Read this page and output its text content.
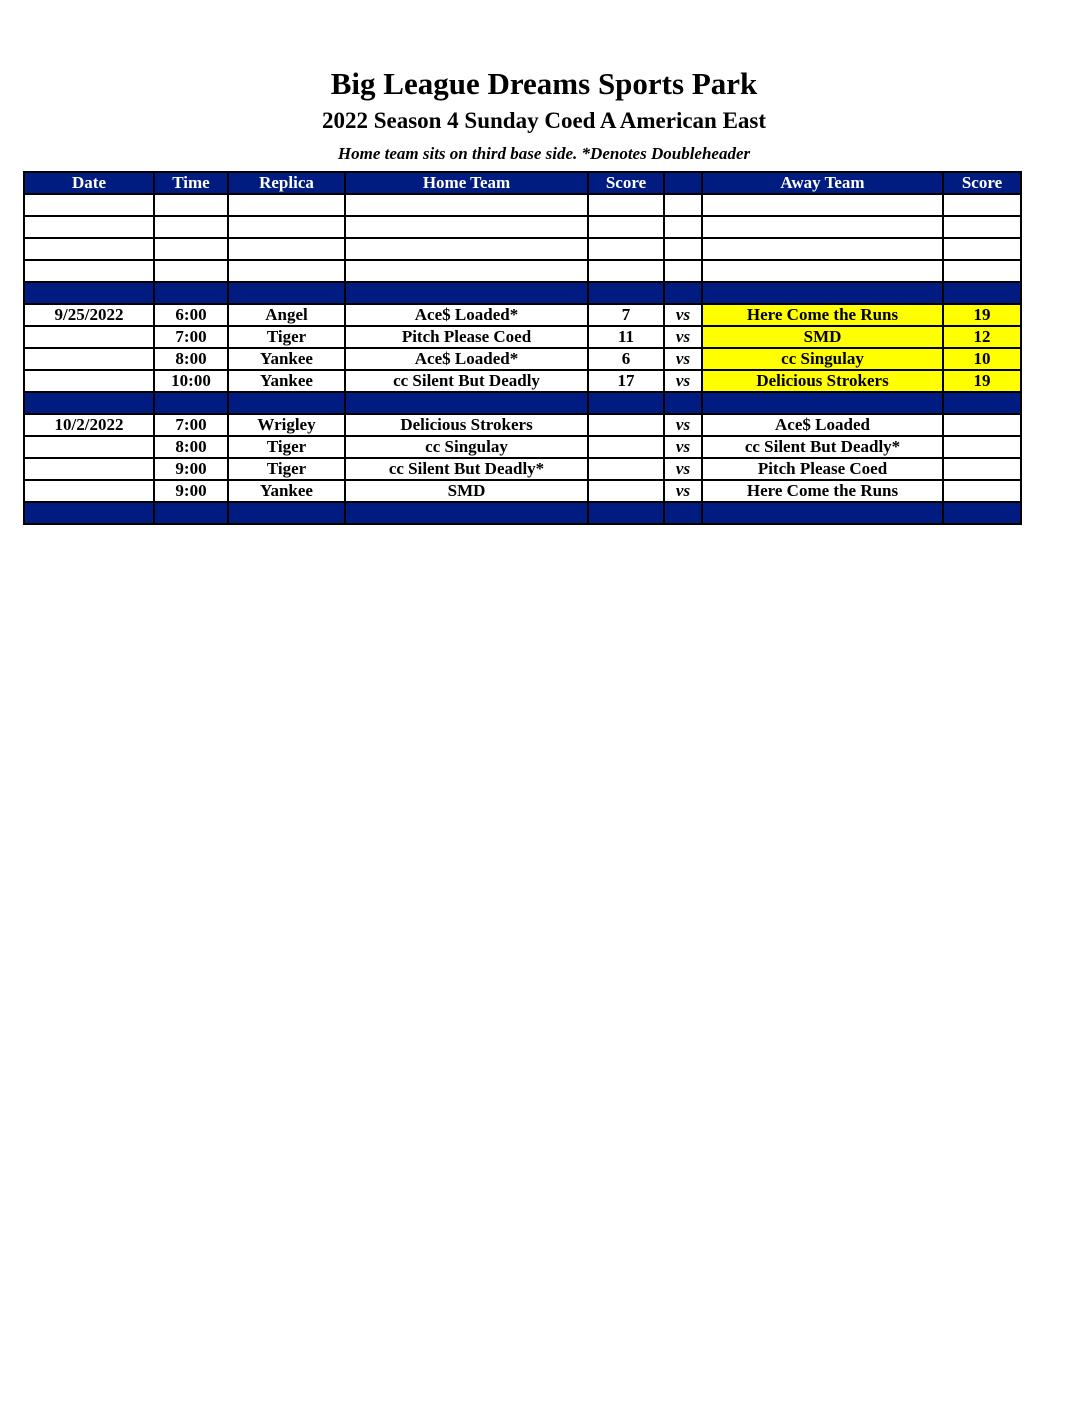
Big League Dreams Sports Park
2022 Season 4 Sunday Coed A American East
Home team sits on third base side. *Denotes Doubleheader
Date	Time	Replica	Home Team	Score		Away Team	Score

9/25/2022	6:00	Angel	Ace$ Loaded*	7	vs	Here Come the Runs	19
	7:00	Tiger	Pitch Please Coed	11	vs	SMD	12
	8:00	Yankee	Ace$ Loaded*	6	vs	cc Singulay	10
	10:00	Yankee	cc Silent But Deadly	17	vs	Delicious Strokers	19

10/2/2022	7:00	Wrigley	Delicious Strokers		vs	Ace$ Loaded	
	8:00	Tiger	cc Singulay		vs	cc Silent But Deadly*	
	9:00	Tiger	cc Silent But Deadly*		vs	Pitch Please Coed	
	9:00	Yankee	SMD		vs	Here Come the Runs	
